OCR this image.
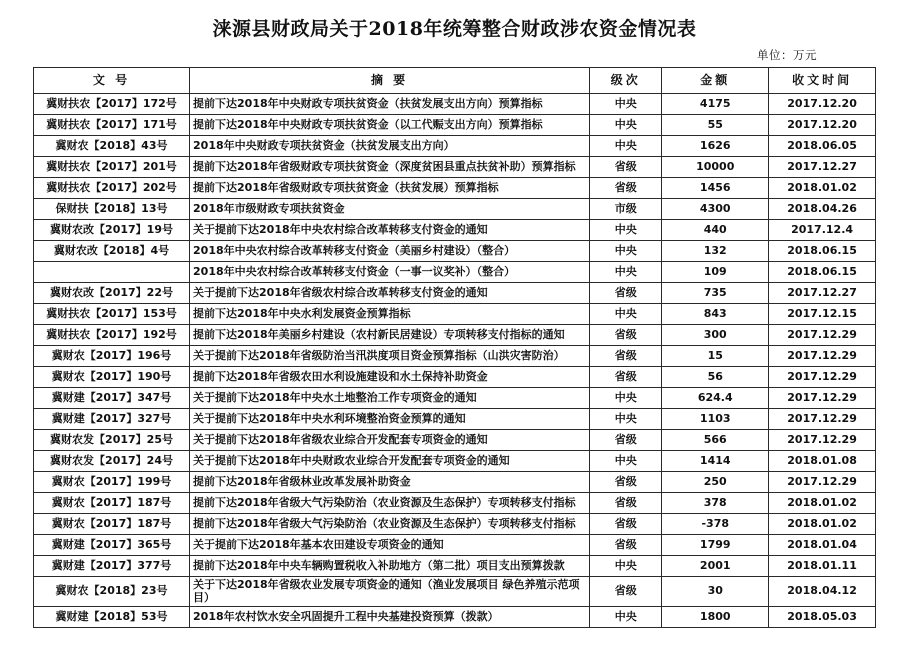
涞源县财政局关于2018年统筹整合财政涉农资金情况表
单位：万元
文 号	摘 要	级次	金额	收文时间
冀财扶农【2017】172号	提前下达2018年中央财政专项扶贫资金（扶贫发展支出方向）预算指标	中央	4175	2017.12.20
冀财扶农【2017】171号	提前下达2018年中央财政专项扶贫资金（以工代赈支出方向）预算指标	中央	55	2017.12.20
冀财农【2018】43号	2018年中央财政专项扶贫资金（扶贫发展支出方向）	中央	1626	2018.06.05
冀财扶农【2017】201号	提前下达2018年省级财政专项扶贫资金（深度贫困县重点扶贫补助）预算指标	省级	10000	2017.12.27
冀财扶农【2017】202号	提前下达2018年省级财政专项扶贫资金（扶贫发展）预算指标	省级	1456	2018.01.02
保财扶【2018】13号	2018年市级财政专项扶贫资金	市级	4300	2018.04.26
冀财农改【2017】19号	关于提前下达2018年中央农村综合改革转移支付资金的通知	中央	440	2017.12.4
冀财农改【2018】4号	2018年中央农村综合改革转移支付资金（美丽乡村建设）（整合）	中央	132	2018.06.15
	2018年中央农村综合改革转移支付资金（一事一议奖补）（整合）	中央	109	2018.06.15
冀财农改【2017】22号	关于提前下达2018年省级农村综合改革转移支付资金的通知	省级	735	2017.12.27
冀财扶农【2017】153号	提前下达2018年中央水利发展资金预算指标	中央	843	2017.12.15
冀财扶农【2017】192号	提前下达2018年美丽乡村建设（农村新民居建设）专项转移支付指标的通知	省级	300	2017.12.29
冀财农【2017】196号	关于提前下达2018年省级防治当汛洪度项目资金预算指标（山洪灾害防治）	省级	15	2017.12.29
冀财农【2017】190号	提前下达2018年省级农田水利设施建设和水土保持补助资金	省级	56	2017.12.29
冀财建【2017】347号	关于提前下达2018年中央水土地整治工作专项资金的通知	中央	624.4	2017.12.29
冀财建【2017】327号	关于提前下达2018年中央水利环境整治资金预算的通知	中央	1103	2017.12.29
冀财农发【2017】25号	关于提前下达2018年省级农业综合开发配套专项资金的通知	省级	566	2017.12.29
冀财农发【2017】24号	关于提前下达2018年中央财政农业综合开发配套专项资金的通知	中央	1414	2018.01.08
冀财农【2017】199号	提前下达2018年省级林业改革发展补助资金	省级	250	2017.12.29
冀财农【2017】187号	提前下达2018年省级大气污染防治（农业资源及生态保护）专项转移支付指标	省级	378	2018.01.02
冀财农【2017】187号	提前下达2018年省级大气污染防治（农业资源及生态保护）专项转移支付指标	省级	-378	2018.01.02
冀财建【2017】365号	关于提前下达2018年基本农田建设专项资金的通知	省级	1799	2018.01.04
冀财建【2017】377号	提前下达2018年中央车辆购置税收入补助地方（第二批）项目支出预算拨款	中央	2001	2018.01.11
冀财农【2018】23号	关于下达2018年省级农业发展专项资金的通知（渔业发展项目 绿色养殖示范项目）	省级	30	2018.04.12
冀财建【2018】53号	2018年农村饮水安全巩固提升工程中央基建投资预算（拨款）	中央	1800	2018.05.03
